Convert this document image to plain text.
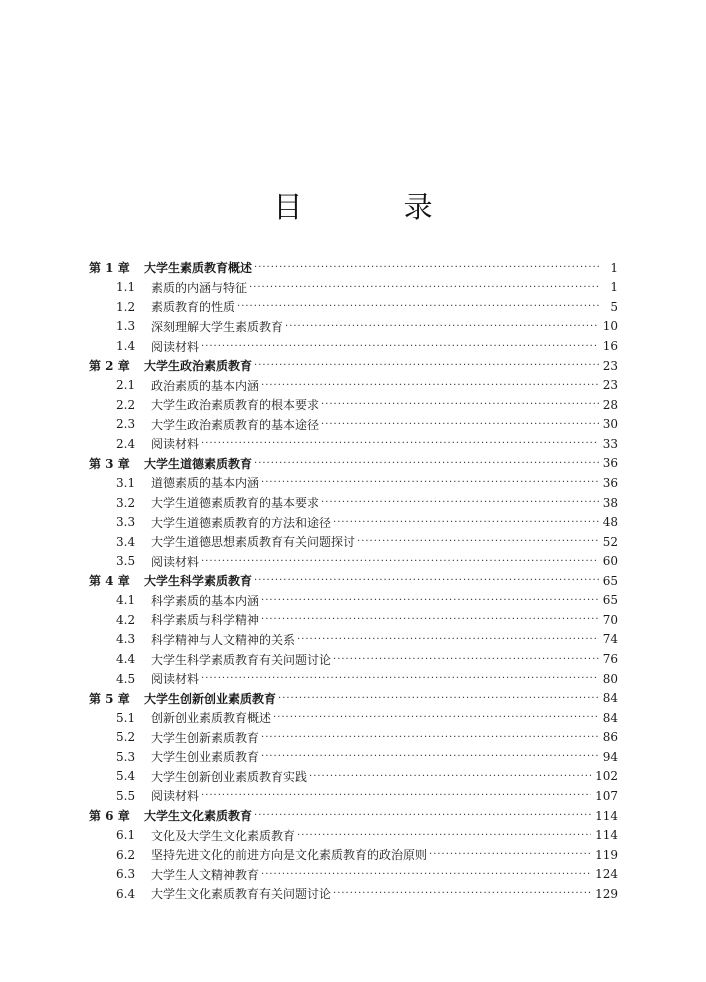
目 录
第 1 章	大学生素质教育概述 ·····	1
1.1	素质的内涵与特征 ·····	1
1.2	素质教育的性质 ·····	5
1.3	深刻理解大学生素质教育 ·····	10
1.4	阅读材料 ·····	16
第 2 章	大学生政治素质教育 ·····	23
2.1	政治素质的基本内涵 ·····	23
2.2	大学生政治素质教育的根本要求 ·····	28
2.3	大学生政治素质教育的基本途径 ·····	30
2.4	阅读材料 ·····	33
第 3 章	大学生道德素质教育 ·····	36
3.1	道德素质的基本内涵 ·····	36
3.2	大学生道德素质教育的基本要求 ·····	38
3.3	大学生道德素质教育的方法和途径 ·····	48
3.4	大学生道德思想素质教育有关问题探讨 ·····	52
3.5	阅读材料 ·····	60
第 4 章	大学生科学素质教育 ·····	65
4.1	科学素质的基本内涵 ·····	65
4.2	科学素质与科学精神 ·····	70
4.3	科学精神与人文精神的关系 ·····	74
4.4	大学生科学素质教育有关问题讨论 ·····	76
4.5	阅读材料 ·····	80
第 5 章	大学生创新创业素质教育 ·····	84
5.1	创新创业素质教育概述 ·····	84
5.2	大学生创新素质教育 ·····	86
5.3	大学生创业素质教育 ·····	94
5.4	大学生创新创业素质教育实践 ·····	102
5.5	阅读材料 ·····	107
第 6 章	大学生文化素质教育 ·····	114
6.1	文化及大学生文化素质教育 ·····	114
6.2	坚持先进文化的前进方向是文化素质教育的政治原则 ·····	119
6.3	大学生人文精神教育 ·····	124
6.4	大学生文化素质教育有关问题讨论 ·····	129
